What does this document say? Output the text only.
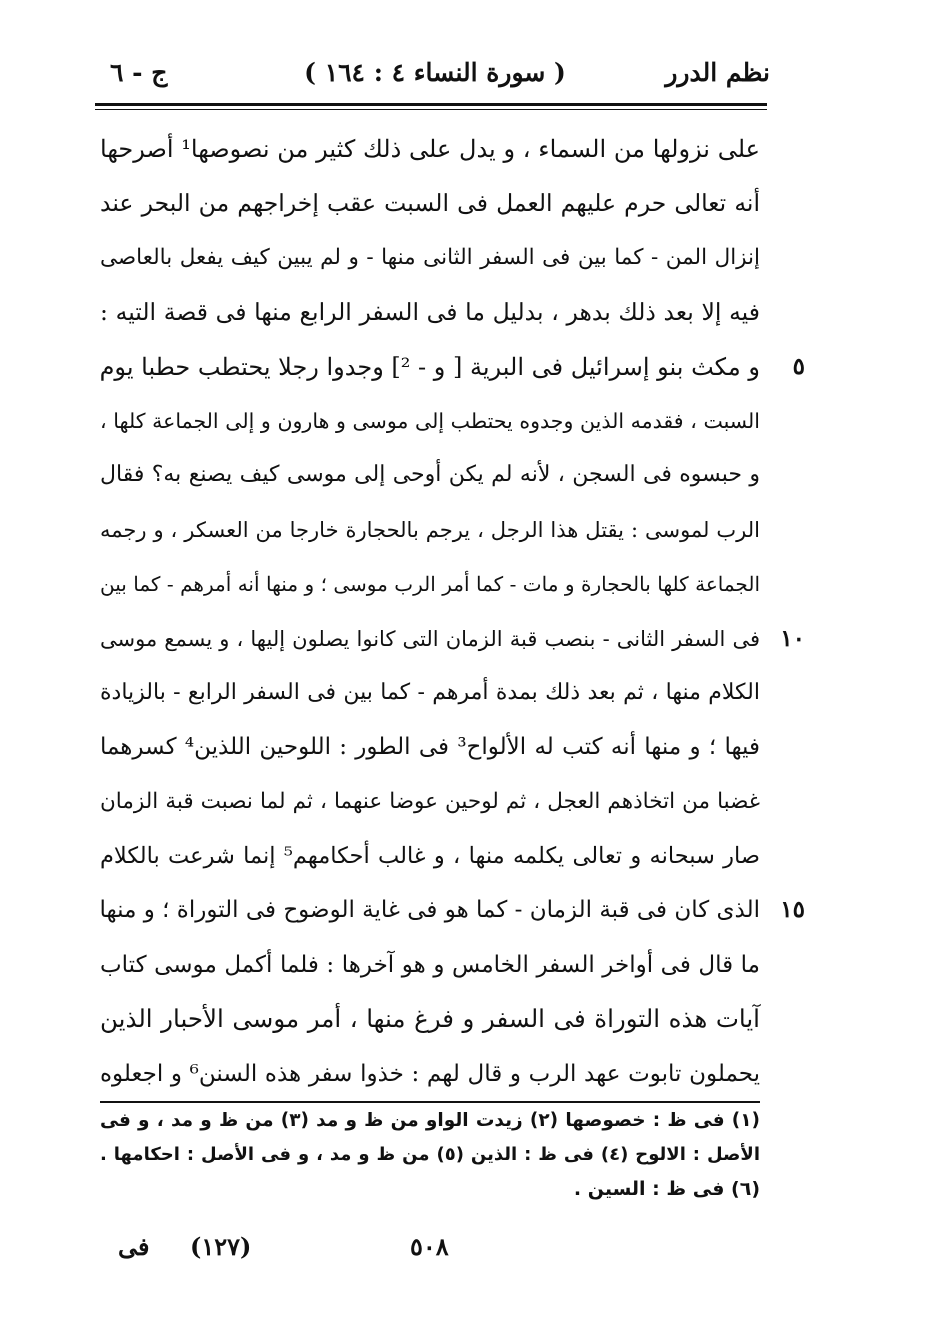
نظم الدرر
( سورة النساء ٤ : ١٦٤ )
ج - ٦
على نزولها من السماء ، و يدل على ذلك كثير من نصوصها¹ أصرحها
أنه تعالى حرم عليهم العمل فى السبت عقب إخراجهم من البحر عند
إنزال المن - كما بين فى السفر الثانى منها - و لم يبين كيف يفعل بالعاصى
فيه إلا بعد ذلك بدهر ، بدليل ما فى السفر الرابع منها فى قصة التيه :
٥
و مكث بنو إسرائيل فى البرية [ و - ²] وجدوا رجلا يحتطب حطبا يوم
السبت ، فقدمه الذين وجدوه يحتطب إلى موسى و هارون و إلى الجماعة كلها ،
و حبسوه فى السجن ، لأنه لم يكن أوحى إلى موسى كيف يصنع به؟ فقال
الرب لموسى : يقتل هذا الرجل ، يرجم بالحجارة خارجا من العسكر ، و رجمه
الجماعة كلها بالحجارة و مات - كما أمر الرب موسى ؛ و منها أنه أمرهم - كما بين
١٠
فى السفر الثانى - بنصب قبة الزمان التى كانوا يصلون إليها ، و يسمع موسى
الكلام منها ، ثم بعد ذلك بمدة أمرهم - كما بين فى السفر الرابع - بالزيادة
فيها ؛ و منها أنه كتب له الألواح³ فى الطور : اللوحين اللذين⁴ كسرهما
غضبا من اتخاذهم العجل ، ثم لوحين عوضا عنهما ، ثم لما نصبت قبة الزمان
صار سبحانه و تعالى يكلمه منها ، و غالب أحكامهم⁵ إنما شرعت بالكلام
١٥
الذى كان فى قبة الزمان - كما هو فى غاية الوضوح فى التوراة ؛ و منها
ما قال فى أواخر السفر الخامس و هو آخرها : فلما أكمل موسى كتاب
آيات هذه التوراة فى السفر و فرغ منها ، أمر موسى الأحبار الذين
يحملون تابوت عهد الرب و قال لهم : خذوا سفر هذه السنن⁶ و اجعلوه
(١) فى ظ : خصوصها (٢) زيدت الواو من ظ و مد (٣) من ظ و مد ، و فى
الأصل : الالوح (٤) فى ظ : الذين (٥) من ظ و مد ، و فى الأصل : احكامها .
(٦) فى ظ : السين .
٥٠٨
(١٢٧)
فى
